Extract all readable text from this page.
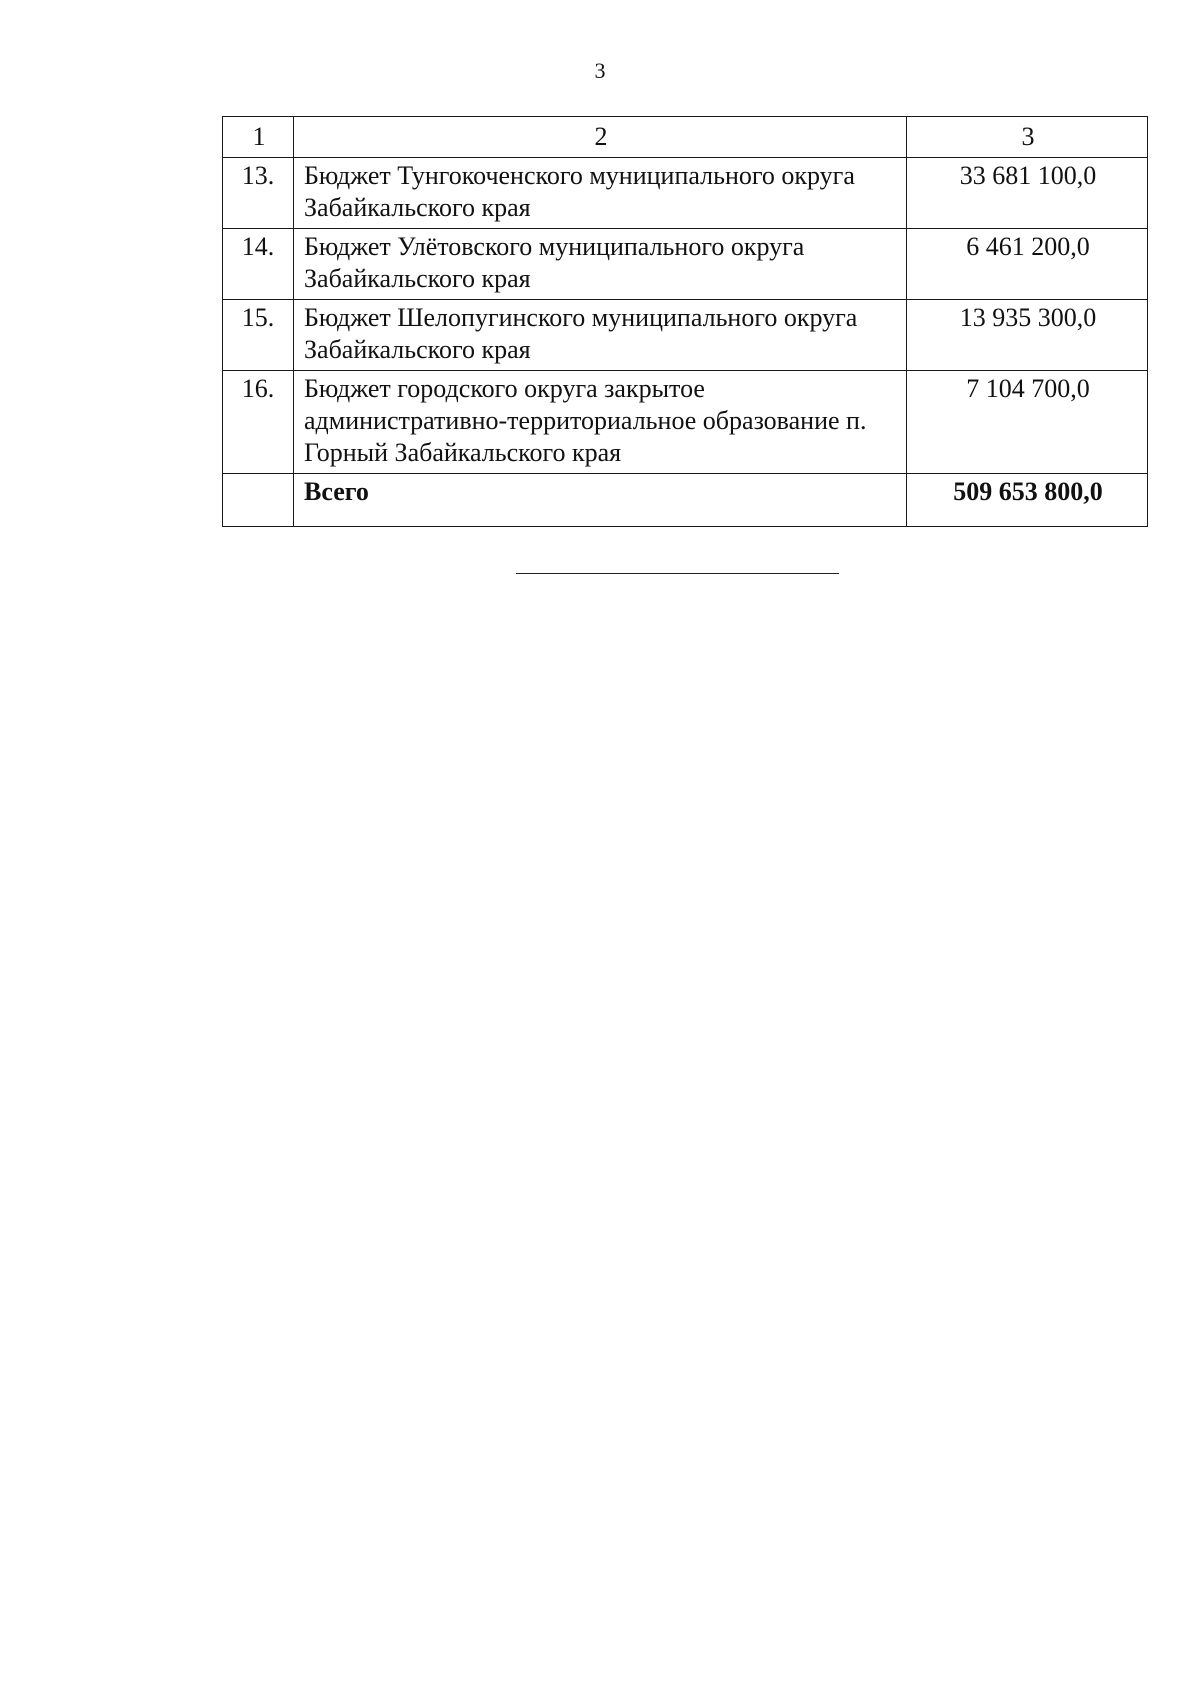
3
1	2	3
13.	Бюджет Тунгокоченского муниципального округа Забайкальского края	33 681 100,0
14.	Бюджет Улётовского муниципального округа Забайкальского края	6 461 200,0
15.	Бюджет Шелопугинского муниципального округа Забайкальского края	13 935 300,0
16.	Бюджет городского округа закрытое административно-территориальное образование п. Горный Забайкальского края	7 104 700,0
	Всего	509 653 800,0
